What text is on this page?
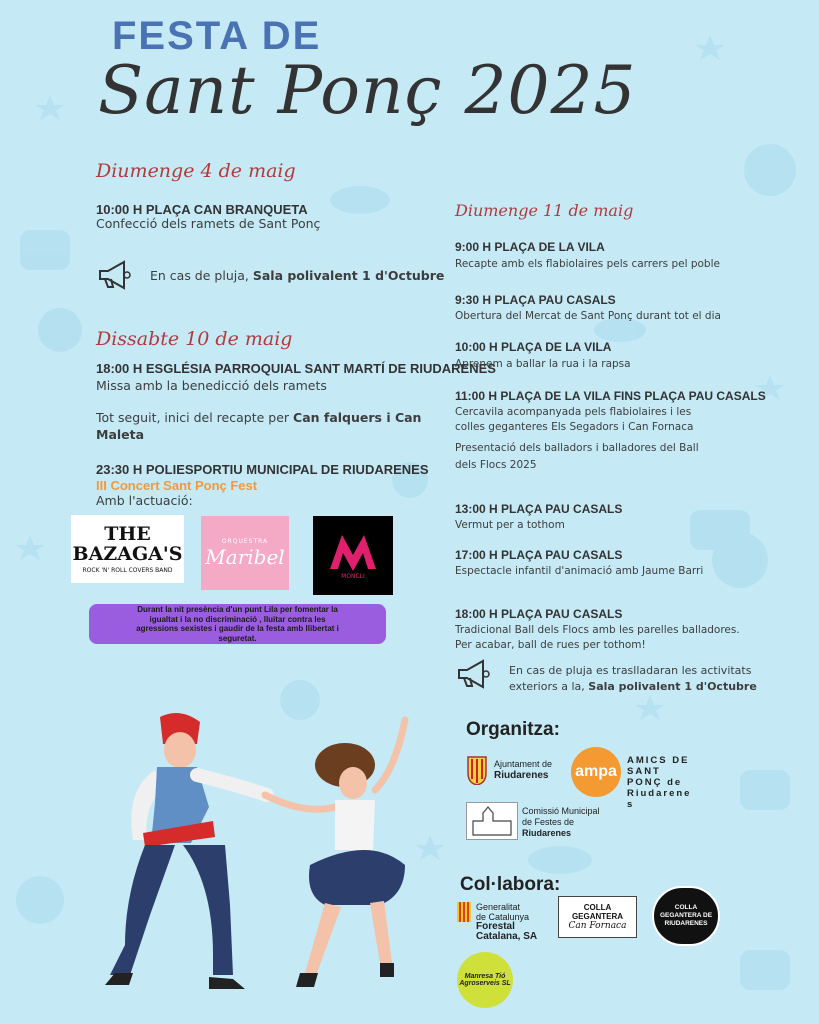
FESTA DE
Sant Ponç 2025
Diumenge 4 de maig
10:00 H PLAÇA CAN BRANQUETA
Confecció dels ramets de Sant Ponç
En cas de pluja, Sala polivalent 1 d'Octubre
Dissabte 10 de maig
18:00 H ESGLÉSIA PARROQUIAL SANT MARTÍ DE RIUDARENES
Missa amb la benedicció dels ramets
Tot seguit, inici del recapte per Can falquers i Can Maleta
23:30 H POLIESPORTIU MUNICIPAL DE RIUDARENES
III Concert Sant Ponç Fest
Amb l'actuació:
THE BAZAGA'S
ROCK 'N' ROLL COVERS BAND
ORQUESTRA
Maribel
MONCLI
Durant la nit presència d'un punt Lila per fomentar la igualtat i la no discriminació , lluitar contra les agressions sexistes i gaudir de la festa amb llibertat i seguretat.
Diumenge 11 de maig
9:00 H PLAÇA DE LA VILA
Recapte amb els flabiolaires pels carrers pel poble
9:30 H PLAÇA PAU CASALS
Obertura del Mercat de Sant Ponç durant tot el dia
10:00 H PLAÇA DE LA VILA
Aprenem a ballar la rua i la rapsa
11:00 H PLAÇA DE LA VILA FINS PLAÇA PAU CASALS
Cercavila acompanyada pels flabiolaires i les colles geganteres Els Segadors i Can Fornaca
Presentació dels balladors i balladores del Ball dels Flocs 2025
13:00 H PLAÇA PAU CASALS
Vermut per a tothom
17:00 H PLAÇA PAU CASALS
Espectacle infantil d'animació amb Jaume Barri
18:00 H PLAÇA PAU CASALS
Tradicional Ball dels Flocs amb les parelles balladores. Per acabar, ball de rues per tothom!
En cas de pluja es traslladaran les activitats exteriors a la, Sala polivalent 1 d'Octubre
Organitza:
Ajuntament de
Riudarenes ampa
AMICS DE SANT PONÇ de Riudarenes
Comissió Municipal
de Festes de
Riudarenes
Col·labora:
Generalitat
de Catalunya
Forestal Catalana, SA
COLLA GEGANTERA
Can Fornaca
COLLA GEGANTERA DE RIUDARENES
Manresa Tió
Agroserveis SL
